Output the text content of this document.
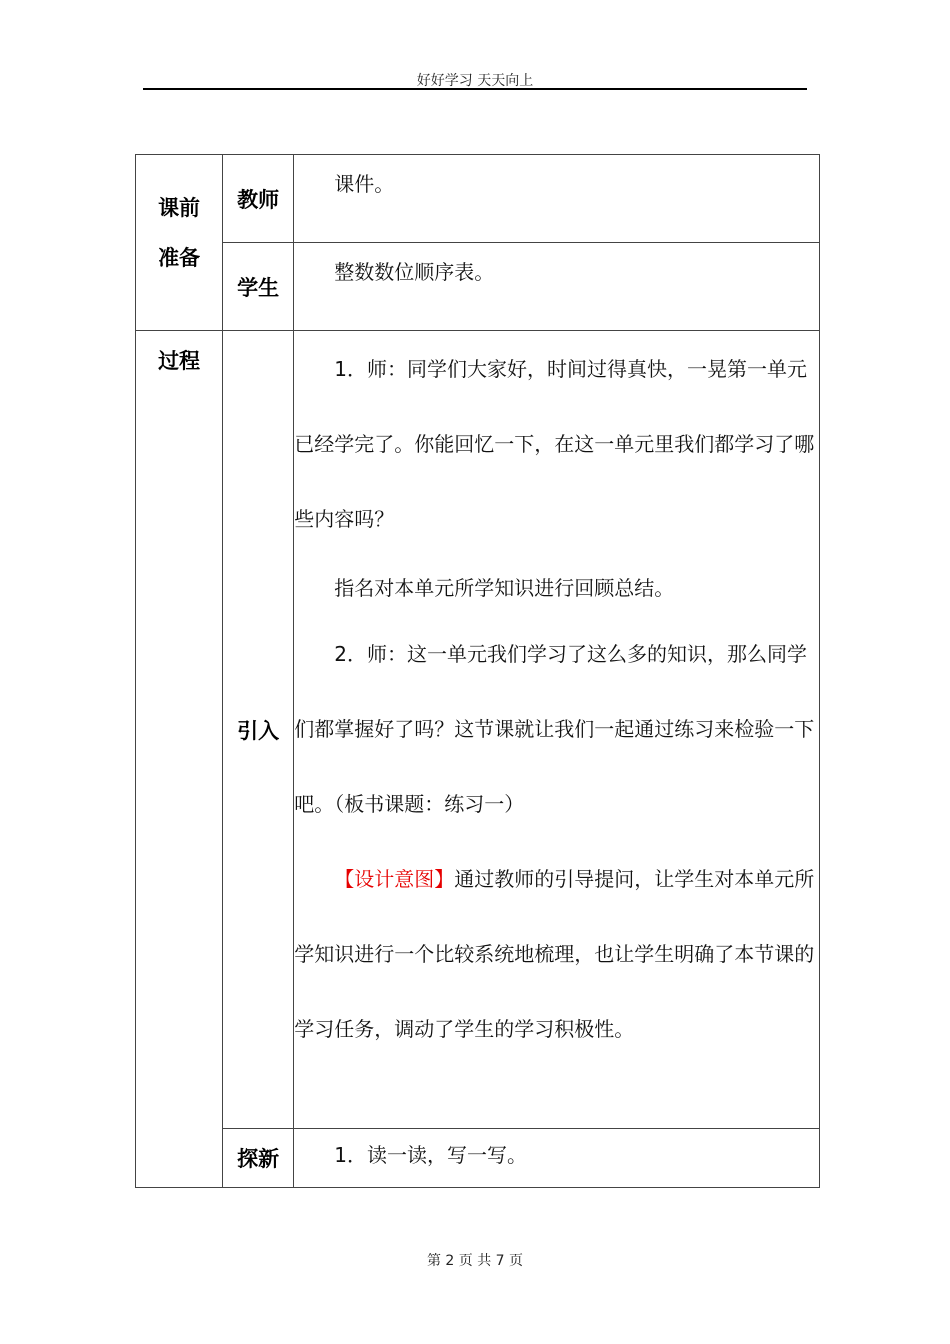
好好学习 天天向上
课前
准备	教师	课件。

	学生	整数数位顺序表。

过程	引入	1．师：同学们大家好，时间过得真快，一晃第一单元已经学完了。你能回忆一下，在这一单元里我们都学习了哪些内容吗？

指名对本单元所学知识进行回顾总结。

2．师：这一单元我们学习了这么多的知识，那么同学们都掌握好了吗？这节课就让我们一起通过练习来检验一下吧。（板书课题：练习一）

【设计意图】通过教师的引导提问，让学生对本单元所学知识进行一个比较系统地梳理，也让学生明确了本节课的学习任务，调动了学生的学习积极性。

	探新	1．读一读，写一写。

第 2 页 共 7 页
